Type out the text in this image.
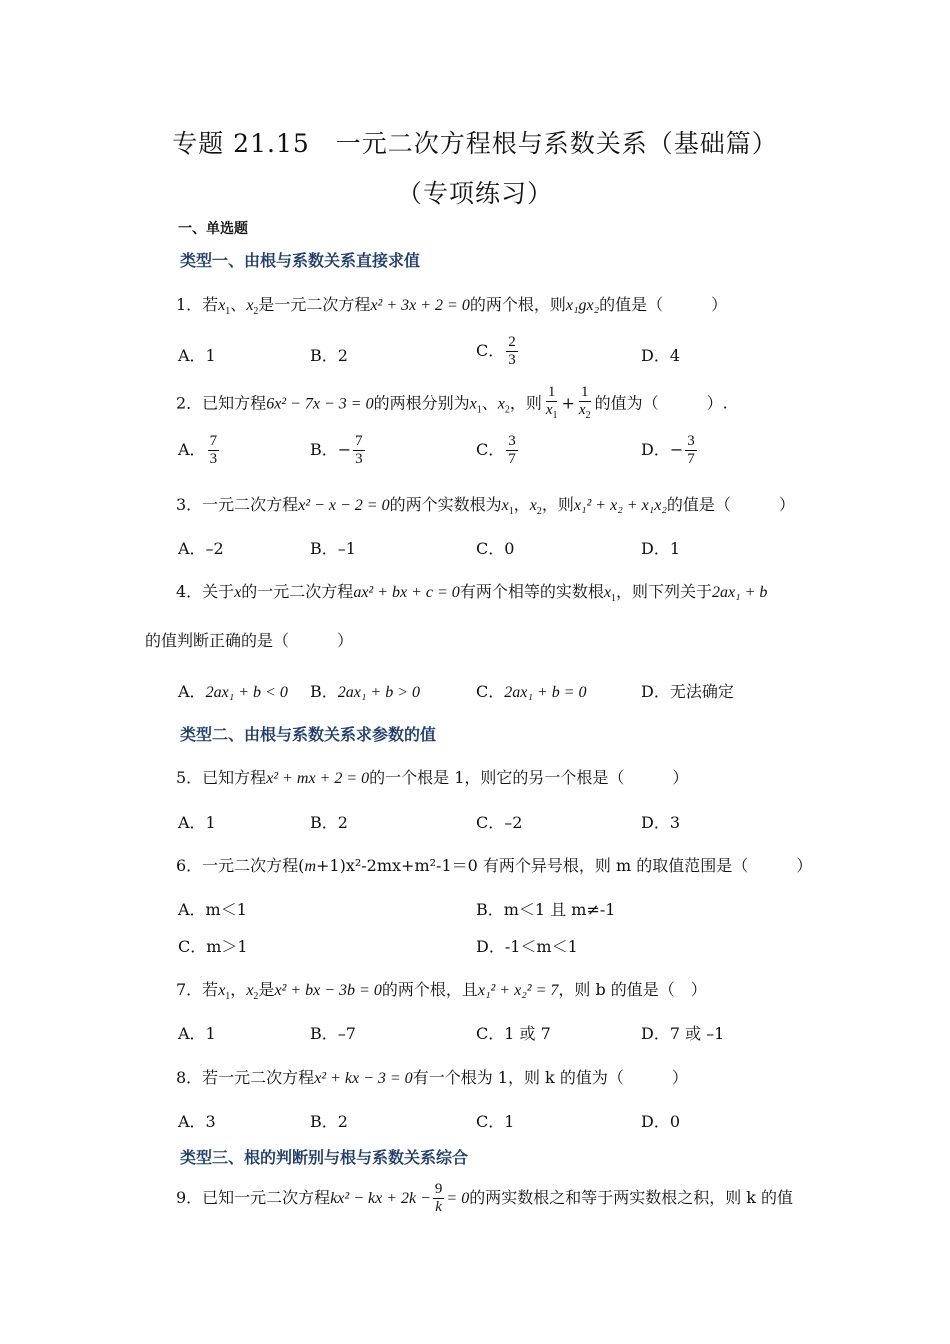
专题 21.15　一元二次方程根与系数关系（基础篇）
（专项练习）
一、单选题
类型一、由根与系数关系直接求值
1．若$x_1$、$x_2$是一元二次方程x² + 3x + 2 = 0的两个根，则x₁gx₂的值是（　　　）
A．1	B．2	C． $\frac{2}{3}$	D．4
2．已知方程6x² − 7x − 3 = 0的两根分别为$x_1$、$x_2$，则 $\frac{1}{x_1} + \frac{1}{x_2}$ 的值为（　　　）.
A． $\frac{7}{3}$	B．− $\frac{7}{3}$	C． $\frac{3}{7}$	D．− $\frac{3}{7}$
3．一元二次方程x² − x − 2 = 0的两个实数根为$x_1$，$x_2$，则x₁² + x₂ + x₁x₂的值是（　　　）
A．–2	B．–1	C．0	D．1
4．关于x的一元二次方程ax² + bx + c = 0有两个相等的实数根$x_1$，则下列关于2ax₁ + b
的值判断正确的是（　　　）
A．2ax₁ + b < 0 B．2ax₁ + b > 0	C．2ax₁ + b = 0	D．无法确定
类型二、由根与系数关系求参数的值
5．已知方程x² + mx + 2 = 0的一个根是 1，则它的另一个根是（　　　）
A．1	B．2	C．–2	D．3
6．一元二次方程(m+1)x²-2mx+m²-1＝0 有两个异号根，则 m 的取值范围是（　　　）
A．m＜1	B．m＜1 且 m≠-1
C．m＞1	D．-1＜m＜1
7．若$x_1$，$x_2$是x² + bx − 3b = 0的两个根，且x₁² + x₂² = 7，则 b 的值是（　）
A．1	B．–7	C．1 或 7	D．7 或 –1
8．若一元二次方程x² + kx − 3 = 0有一个根为 1，则 k 的值为（　　　）
A．3	B．2	C．1	D．0
类型三、根的判断别与根与系数关系综合
9．已知一元二次方程kx² − kx + $2k - \frac{9}{k} = 0$的两实数根之和等于两实数根之积，则 k 的值
